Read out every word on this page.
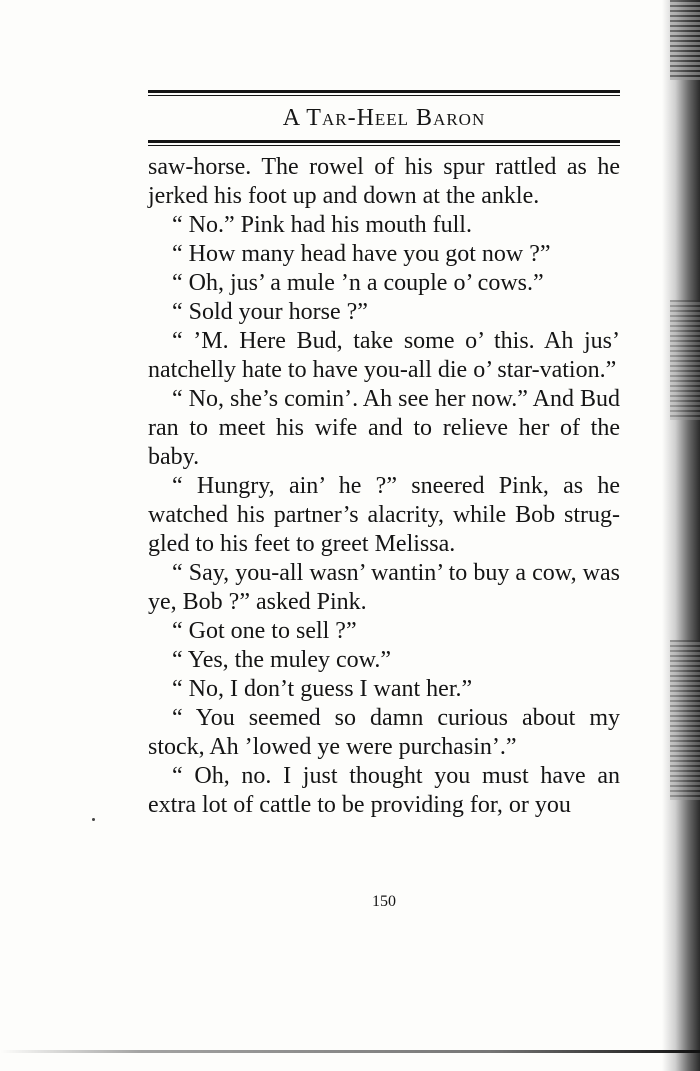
A Tar-Heel Baron

saw-horse. The rowel of his spur rattled as he jerked his foot up and down at the ankle.

“ No.” Pink had his mouth full.

“ How many head have you got now ?”

“ Oh, jus’ a mule ’n a couple o’ cows.”

“ Sold your horse ?”

“ ’M. Here Bud, take some o’ this. Ah jus’ natchelly hate to have you-all die o’ star-vation.”

“ No, she’s comin’. Ah see her now.” And Bud ran to meet his wife and to relieve her of the baby.

“ Hungry, ain’ he ?” sneered Pink, as he watched his partner’s alacrity, while Bob strug-gled to his feet to greet Melissa.

“ Say, you-all wasn’ wantin’ to buy a cow, was ye, Bob ?” asked Pink.

“ Got one to sell ?”

“ Yes, the muley cow.”

“ No, I don’t guess I want her.”

“ You seemed so damn curious about my stock, Ah ’lowed ye were purchasin’.”

“ Oh, no. I just thought you must have an extra lot of cattle to be providing for, or you

150
